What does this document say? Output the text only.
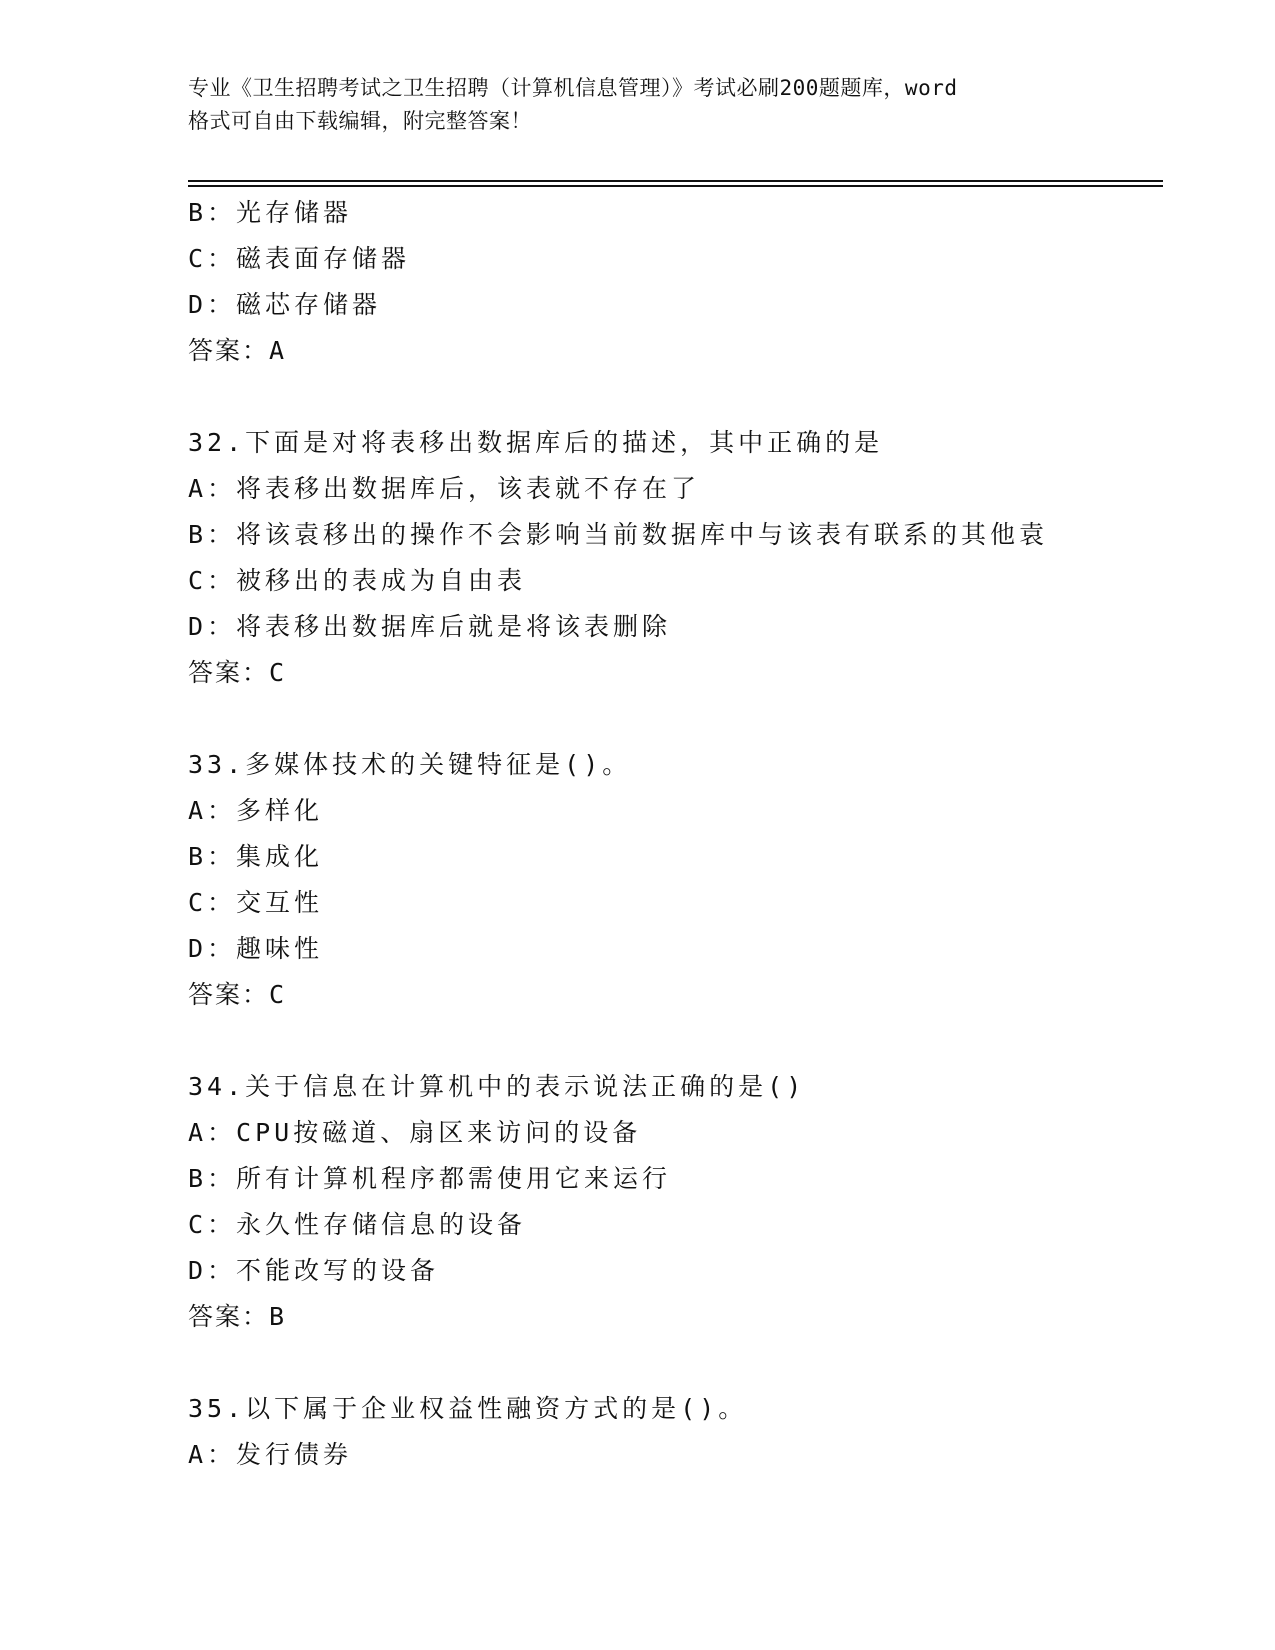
专业《卫生招聘考试之卫生招聘（计算机信息管理）》考试必刷200题题库，word
格式可自由下载编辑，附完整答案！
B：光存储器
C：磁表面存储器
D：磁芯存储器
答案：A
32.下面是对将表移出数据库后的描述，其中正确的是
A：将表移出数据库后，该表就不存在了
B：将该袁移出的操作不会影响当前数据库中与该表有联系的其他袁
C：被移出的表成为自由表
D：将表移出数据库后就是将该表删除
答案：C
33.多媒体技术的关键特征是()。
A：多样化
B：集成化
C：交互性
D：趣味性
答案：C
34.关于信息在计算机中的表示说法正确的是()
A：CPU按磁道、扇区来访问的设备
B：所有计算机程序都需使用它来运行
C：永久性存储信息的设备
D：不能改写的设备
答案：B
35.以下属于企业权益性融资方式的是()。
A：发行债券
